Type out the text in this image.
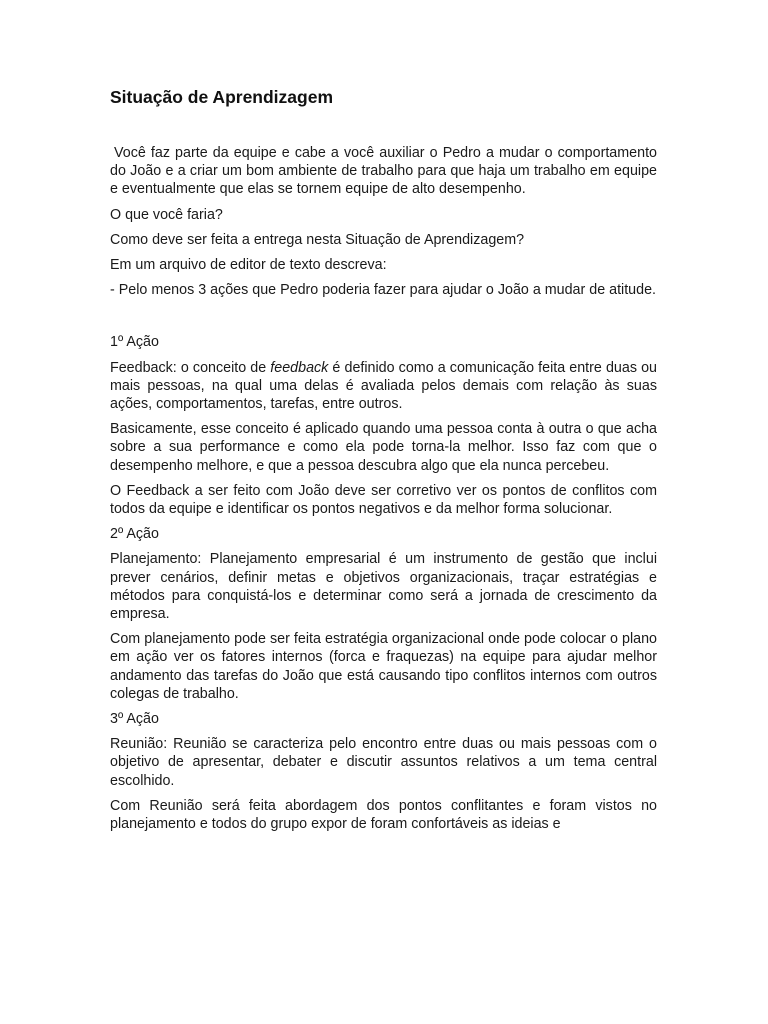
Situação de Aprendizagem

Você faz parte da equipe e cabe a você auxiliar o Pedro a mudar o comportamento do João e a criar um bom ambiente de trabalho para que haja um trabalho em equipe e eventualmente que elas se tornem equipe de alto desempenho.

O que você faria?

Como deve ser feita a entrega nesta Situação de Aprendizagem?

Em um arquivo de editor de texto descreva:

- Pelo menos 3 ações que Pedro poderia fazer para ajudar o João a mudar de atitude.

1º Ação

Feedback: o conceito de feedback é definido como a comunicação feita entre duas ou mais pessoas, na qual uma delas é avaliada pelos demais com relação às suas ações, comportamentos, tarefas, entre outros.

Basicamente, esse conceito é aplicado quando uma pessoa conta à outra o que acha sobre a sua performance e como ela pode torna-la melhor. Isso faz com que o desempenho melhore, e que a pessoa descubra algo que ela nunca percebeu.

O Feedback a ser feito com João deve ser corretivo ver os pontos de conflitos com todos da equipe e identificar os pontos negativos e da melhor forma solucionar.

2º Ação

Planejamento: Planejamento empresarial é um instrumento de gestão que inclui prever cenários, definir metas e objetivos organizacionais, traçar estratégias e métodos para conquistá-los e determinar como será a jornada de crescimento da empresa.

Com planejamento pode ser feita estratégia organizacional onde pode colocar o plano em ação ver os fatores internos (forca e fraquezas) na equipe para ajudar melhor andamento das tarefas do João que está causando tipo conflitos internos com outros colegas de trabalho.

3º Ação

Reunião: Reunião se caracteriza pelo encontro entre duas ou mais pessoas com o objetivo de apresentar, debater e discutir assuntos relativos a um tema central escolhido.

Com Reunião será feita abordagem dos pontos conflitantes e foram vistos no planejamento e todos do grupo expor de foram confortáveis as ideias e
